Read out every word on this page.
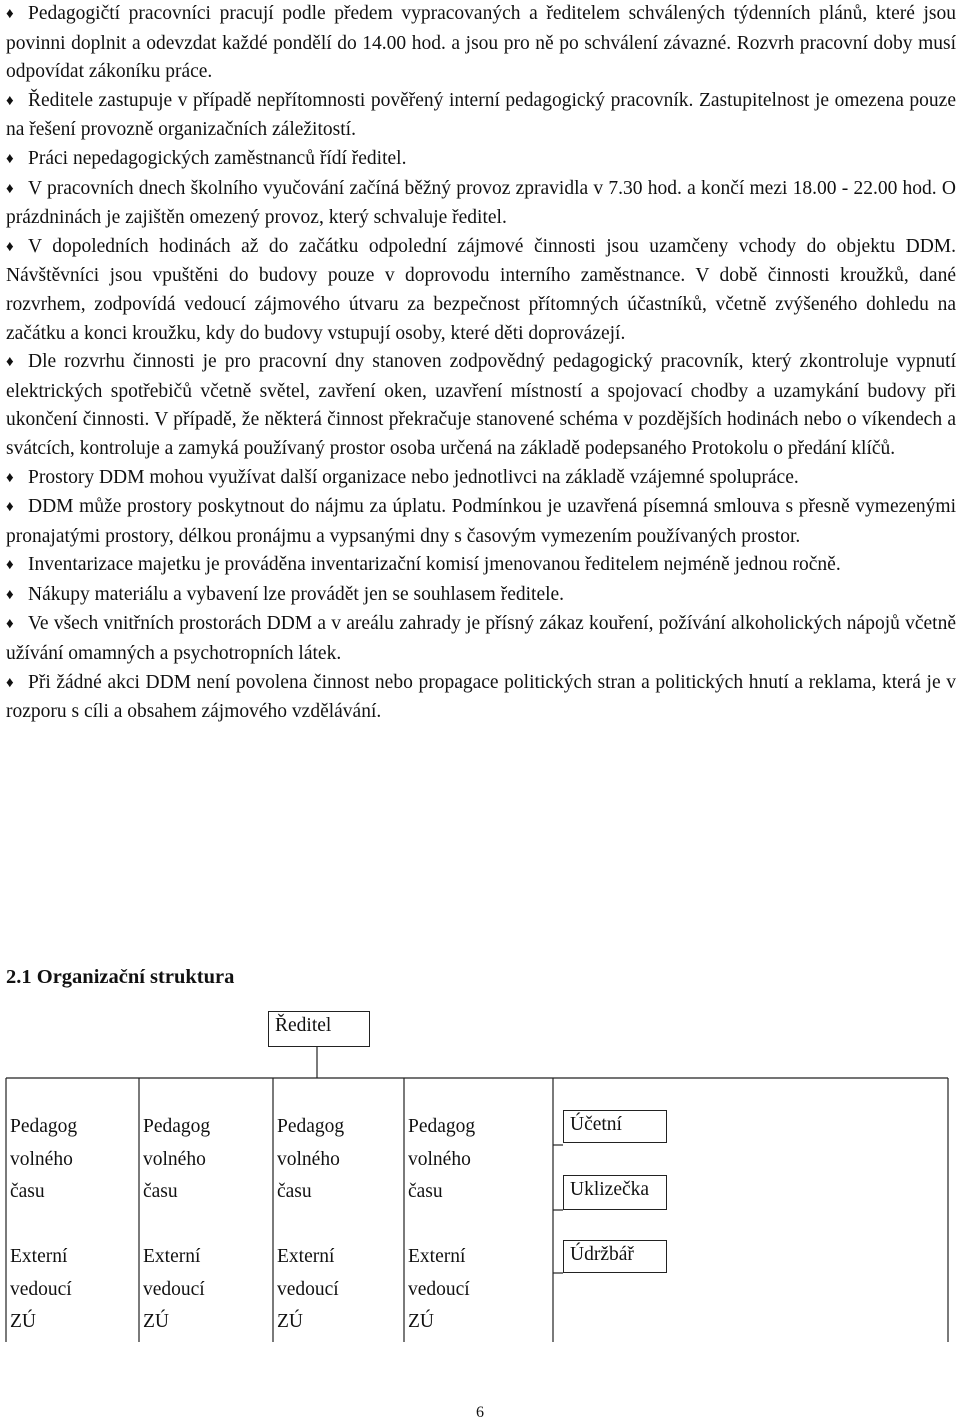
♦ Pedagogičtí pracovníci pracují podle předem vypracovaných a ředitelem schválených týdenních plánů, které jsou povinni doplnit a odevzdat každé pondělí do 14.00 hod. a jsou pro ně po schválení závazné. Rozvrh pracovní doby musí odpovídat zákoníku práce.

♦ Ředitele zastupuje v případě nepřítomnosti pověřený interní pedagogický pracovník. Zastupitelnost je omezena pouze na řešení provozně organizačních záležitostí.

♦ Práci nepedagogických zaměstnanců řídí ředitel.

♦ V pracovních dnech školního vyučování začíná běžný provoz zpravidla v 7.30 hod. a končí mezi 18.00 - 22.00 hod. O prázdninách je zajištěn omezený provoz, který schvaluje ředitel.

♦ V dopoledních hodinách až do začátku odpolední zájmové činnosti jsou uzamčeny vchody do objektu DDM. Návštěvníci jsou vpuštěni do budovy pouze v doprovodu interního zaměstnance. V době činnosti kroužků, dané rozvrhem, zodpovídá vedoucí zájmového útvaru za bezpečnost přítomných účastníků, včetně zvýšeného dohledu na začátku a konci kroužku, kdy do budovy vstupují osoby, které děti doprovázejí.

♦ Dle rozvrhu činnosti je pro pracovní dny stanoven zodpovědný pedagogický pracovník, který zkontroluje vypnutí elektrických spotřebičů včetně světel, zavření oken, uzavření místností a spojovací chodby a uzamykání budovy při ukončení činnosti. V případě, že některá činnost překračuje stanovené schéma v pozdějších hodinách nebo o víkendech a svátcích, kontroluje a zamyká používaný prostor osoba určená na základě podepsaného Protokolu o předání klíčů.

♦ Prostory DDM mohou využívat další organizace nebo jednotlivci na základě vzájemné spolupráce.

♦ DDM může prostory poskytnout do nájmu za úplatu. Podmínkou je uzavřená písemná smlouva s přesně vymezenými pronajatými prostory, délkou pronájmu a vypsanými dny s časovým vymezením používaných prostor.

♦ Inventarizace majetku je prováděna inventarizační komisí jmenovanou ředitelem nejméně jednou ročně.

♦ Nákupy materiálu a vybavení lze provádět jen se souhlasem ředitele.

♦ Ve všech vnitřních prostorách DDM a v areálu zahrady je přísný zákaz kouření, požívání alkoholických nápojů včetně užívání omamných a psychotropních látek.

♦ Při žádné akci DDM není povolena činnost nebo propagace politických stran a politických hnutí a reklama, která je v rozporu s cíli a obsahem zájmového vzdělávání.

2.1 Organizační struktura
Ředitel
Pedagog
volného
času
Pedagog
volného
času
Pedagog
volného
času
Pedagog
volného
času
Externí
vedoucí
ZÚ
Externí
vedoucí
ZÚ
Externí
vedoucí
ZÚ
Externí
vedoucí
ZÚ
Účetní
Uklizečka
Údržbář
6
